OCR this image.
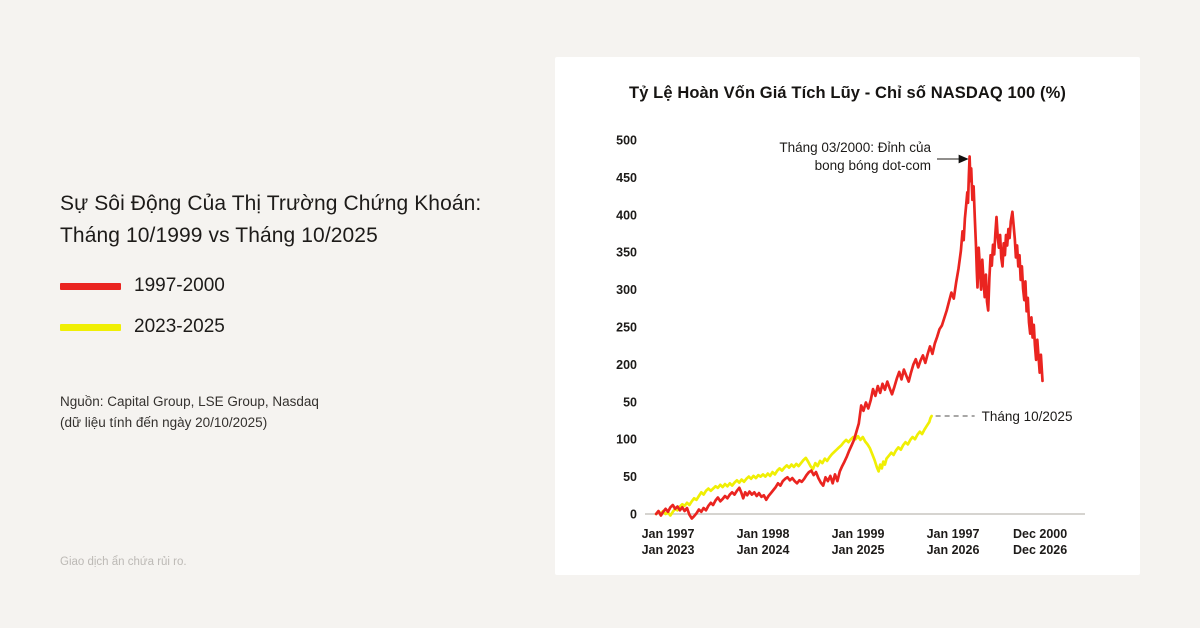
Sự Sôi Động Của Thị Trường Chứng Khoán:
Tháng 10/1999 vs Tháng 10/2025
1997-2000
2023-2025
Nguồn: Capital Group, LSE Group, Nasdaq
(dữ liệu tính đến ngày 20/10/2025)
Giao dịch ẩn chứa rủi ro.
Tỷ Lệ Hoàn Vốn Giá Tích Lũy - Chỉ số NASDAQ 100 (%)
500
450
400
350
300
250
200
50
100
50
0
Jan 1997
Jan 2023
Jan 1998
Jan 2024
Jan 1999
Jan 2025
Jan 1997
Jan 2026
Dec 2000
Dec 2026
Tháng 03/2000: Đỉnh của
bong bóng dot-com
Tháng 10/2025
